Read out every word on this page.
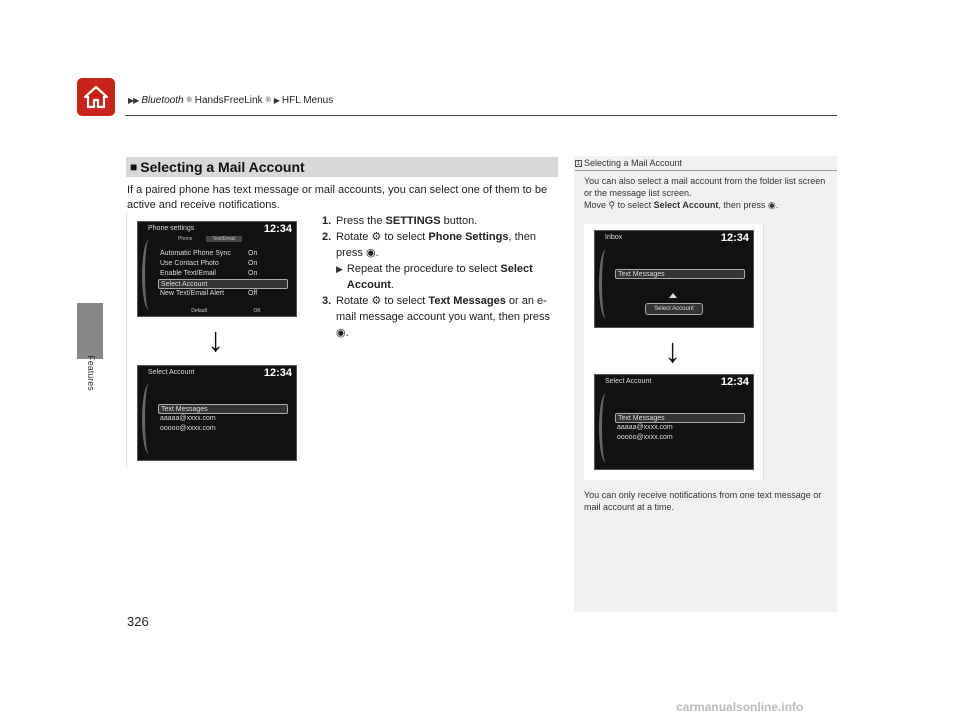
▶▶ Bluetooth ® HandsFreeLink ® ▶ HFL Menus
Features
■ Selecting a Mail Account
If a paired phone has text message or mail accounts, you can select one of them to be active and receive notifications.
Phone settings	12:34
Phone	Text/Email
Automatic Phone Sync On
Use Contact Photo	On
Enable Text/Email	On
Select Account
New Text/Email Alert	Off
Default	OK
↓
Select Account	12:34
Text Messages
aaaaa@xxxx.com
ooooo@xxxx.com
1. Press the SETTINGS button.
2. Rotate ⚙ to select Phone Settings, then press ◉.
▶ Repeat the procedure to select Select Account.
3. Rotate ⚙ to select Text Messages or an e-mail message account you want, then press ◉.
1 Selecting a Mail Account
You can also select a mail account from the folder list screen or the message list screen.
Move ⚲ to select Select Account, then press ◉.
Inbox	12:34
Text Messages
Select Account
↓
Select Account	12:34
Text Messages
aaaaa@xxxx.com
ooooo@xxxx.com
You can only receive notifications from one text message or mail account at a time.
326
carmanualsonline.info
